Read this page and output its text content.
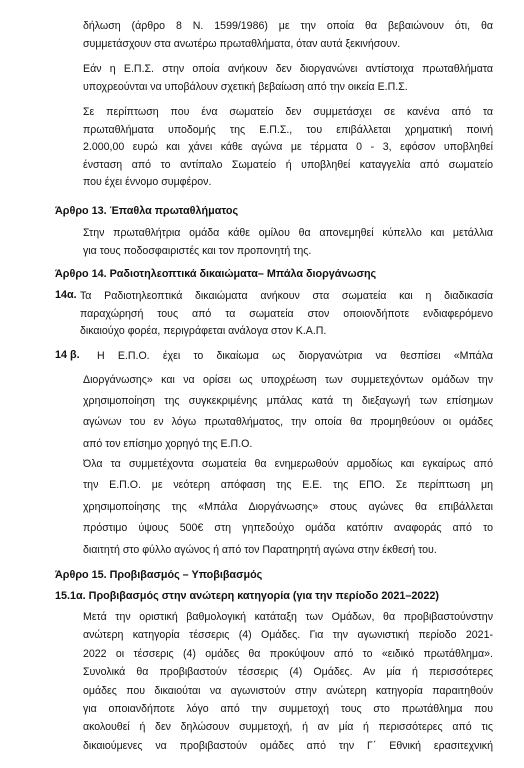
δήλωση (άρθρο 8 Ν. 1599/1986) με την οποία θα βεβαιώνουν ότι, θα
συμμετάσχουν στα ανωτέρω πρωταθλήματα, όταν αυτά ξεκινήσουν.
Εάν η Ε.Π.Σ. στην οποία ανήκουν δεν διοργανώνει αντίστοιχα πρωταθλήματα
υποχρεούνται να υποβάλουν σχετική βεβαίωση από την οικεία Ε.Π.Σ.
Σε περίπτωση που ένα σωματείο δεν συμμετάσχει σε κανένα από τα
πρωταθλήματα υποδομής της Ε.Π.Σ., του επιβάλλεται χρηματική ποινή
2.000,00 ευρώ και χάνει κάθε αγώνα με τέρματα 0 - 3, εφόσον υποβληθεί
ένσταση από το αντίπαλο Σωματείο ή υποβληθεί καταγγελία από σωματείο
που έχει έννομο συμφέρον.
Άρθρο 13. Έπαθλα πρωταθλήματος
Στην πρωταθλήτρια ομάδα κάθε ομίλου θα απονεμηθεί κύπελλο και μετάλλια
για τους ποδοσφαιριστές και τον προπονητή της.
Άρθρο 14. Ραδιοτηλεοπτικά δικαιώματα– Μπάλα διοργάνωσης
14α. Τα Ραδιοτηλεοπτικά δικαιώματα ανήκουν στα σωματεία και η διαδικασία
παραχώρησή τους από τα σωματεία στον οποιονδήποτε ενδιαφερόμενο
δικαιούχο φορέα, περιγράφεται ανάλογα στον Κ.Α.Π.
14 β. Η Ε.Π.Ο. έχει το δικαίωμα ως διοργανώτρια να θεσπίσει «Μπάλα
Διοργάνωσης» και να ορίσει ως υποχρέωση των συμμετεχόντων ομάδων την
χρησιμοποίηση της συγκεκριμένης μπάλας κατά τη διεξαγωγή των επίσημων
αγώνων του εν λόγω πρωταθλήματος, την οποία θα προμηθεύουν οι ομάδες
από τον επίσημο χορηγό της Ε.Π.Ο.
Όλα τα συμμετέχοντα σωματεία θα ενημερωθούν αρμοδίως και εγκαίρως από
την Ε.Π.Ο. με νεότερη απόφαση της Ε.Ε. της ΕΠΟ. Σε περίπτωση μη
χρησιμοποίησης της «Μπάλα Διοργάνωσης» στους αγώνες θα επιβάλλεται
πρόστιμο ύψους 500€ στη γηπεδούχο ομάδα κατόπιν αναφοράς από το
διαιτητή στο φύλλο αγώνος ή από τον Παρατηρητή αγώνα στην έκθεσή του.
Άρθρο 15. Προβιβασμός – Υποβιβασμός
15.1α. Προβιβασμός στην ανώτερη κατηγορία (για την περίοδο 2021–2022)
Μετά την οριστική βαθμολογική κατάταξη των Ομάδων, θα προβιβαστούνστην
ανώτερη κατηγορία τέσσερις (4) Ομάδες. Για την αγωνιστική περίοδο 2021-
2022 οι τέσσερις (4) ομάδες θα προκύψουν από το «ειδικό πρωτάθλημα».
Συνολικά θα προβιβαστούν τέσσερις (4) Ομάδες. Αν μία ή περισσότερες
ομάδες που δικαιούται να αγωνιστούν στην ανώτερη κατηγορία παραιτηθούν
για οποιανδήποτε λόγο από την συμμετοχή τους στο πρωτάθλημα που
ακολουθεί ή δεν δηλώσουν συμμετοχή, ή αν μία ή περισσότερες από τις
δικαιούμενες να προβιβαστούν ομάδες από την Γ΄ Εθνική ερασιτεχνική
